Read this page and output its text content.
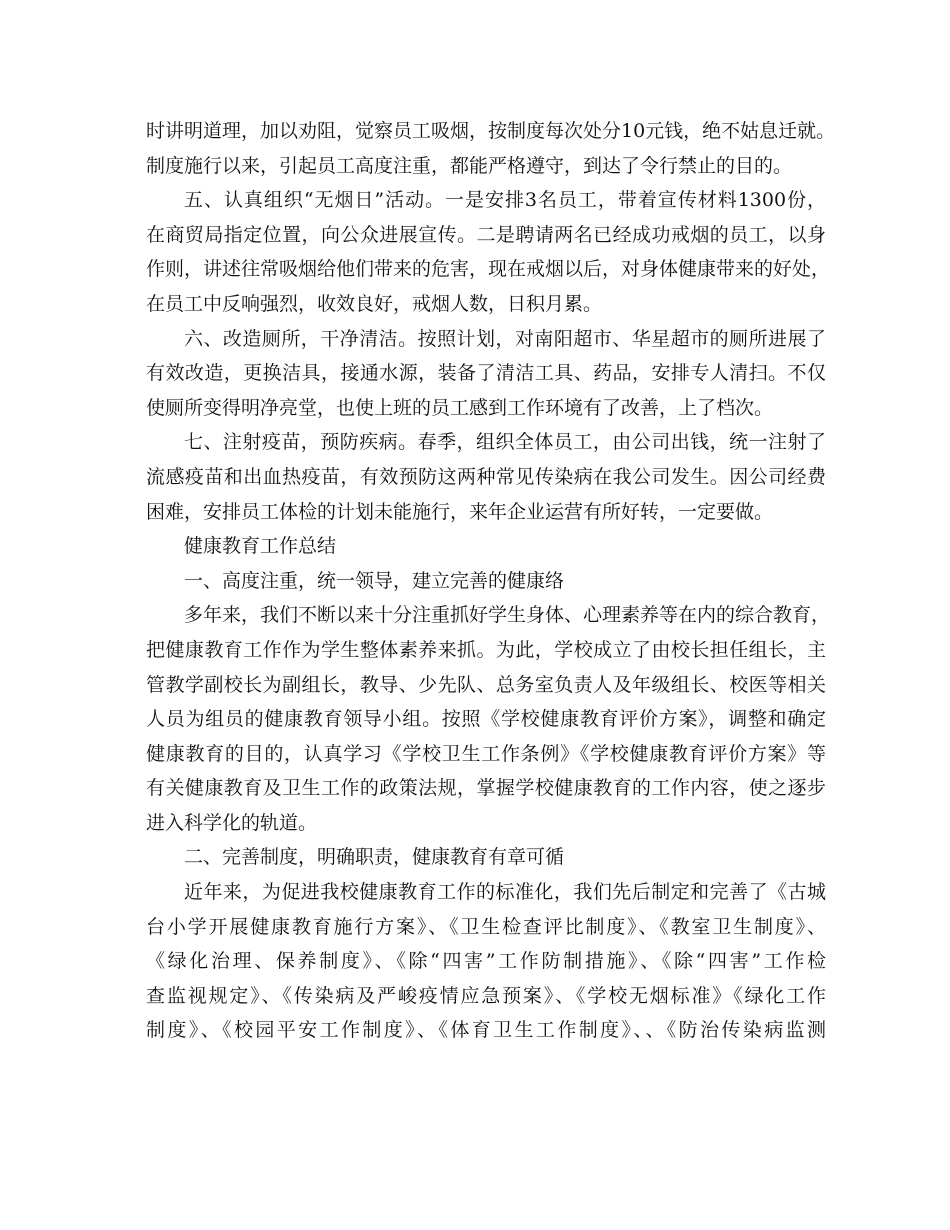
时讲明道理，加以劝阻，觉察员工吸烟，按制度每次处分10元钱，绝不姑息迁就。
制度施行以来，引起员工高度注重，都能严格遵守，到达了令行禁止的目的。
五、认真组织“无烟日”活动。一是安排3名员工，带着宣传材料1300份，
在商贸局指定位置，向公众进展宣传。二是聘请两名已经成功戒烟的员工，以身
作则，讲述往常吸烟给他们带来的危害，现在戒烟以后，对身体健康带来的好处，
在员工中反响强烈，收效良好，戒烟人数，日积月累。
六、改造厕所，干净清洁。按照计划，对南阳超市、华星超市的厕所进展了
有效改造，更换洁具，接通水源，装备了清洁工具、药品，安排专人清扫。不仅
使厕所变得明净亮堂，也使上班的员工感到工作环境有了改善，上了档次。
七、注射疫苗，预防疾病。春季，组织全体员工，由公司出钱，统一注射了
流感疫苗和出血热疫苗，有效预防这两种常见传染病在我公司发生。因公司经费
困难，安排员工体检的计划未能施行，来年企业运营有所好转，一定要做。
健康教育工作总结
一、高度注重，统一领导，建立完善的健康络
多年来，我们不断以来十分注重抓好学生身体、心理素养等在内的综合教育，
把健康教育工作作为学生整体素养来抓。为此，学校成立了由校长担任组长，主
管教学副校长为副组长，教导、少先队、总务室负责人及年级组长、校医等相关
人员为组员的健康教育领导小组。按照《学校健康教育评价方案》，调整和确定
健康教育的目的，认真学习《学校卫生工作条例》《学校健康教育评价方案》等
有关健康教育及卫生工作的政策法规，掌握学校健康教育的工作内容，使之逐步
进入科学化的轨道。
二、完善制度，明确职责，健康教育有章可循
近年来，为促进我校健康教育工作的标准化，我们先后制定和完善了《古城
台小学开展健康教育施行方案》、《卫生检查评比制度》、《教室卫生制度》、
《绿化治理、保养制度》、《除“四害”工作防制措施》、《除“四害”工作检
查监视规定》、《传染病及严峻疫情应急预案》、《学校无烟标准》《绿化工作
制度》、《校园平安工作制度》、《体育卫生工作制度》、、《防治传染病监测
